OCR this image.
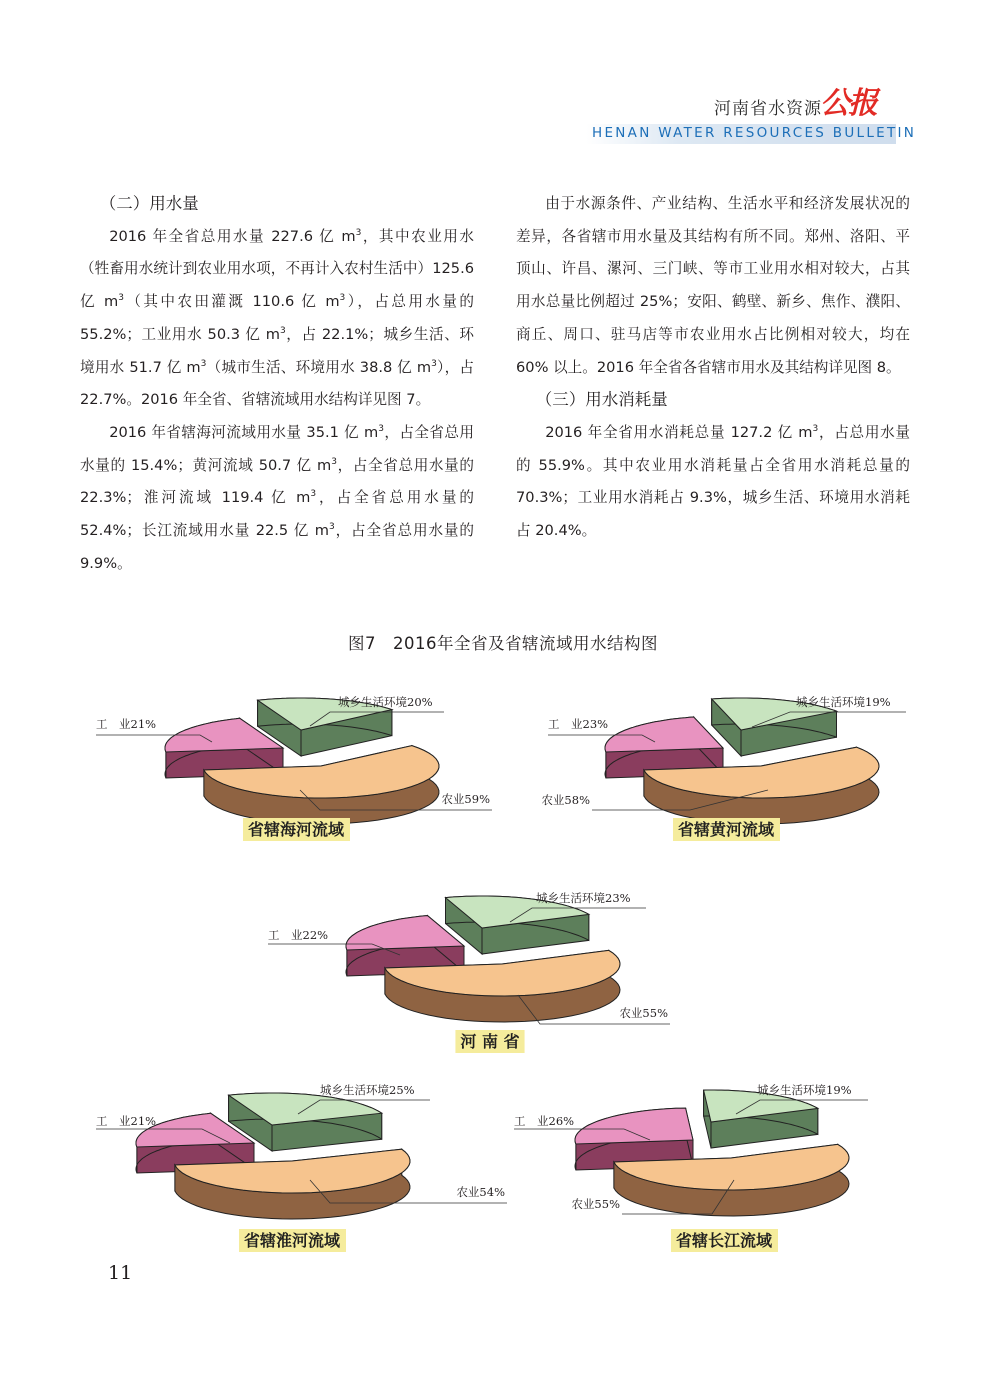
河南省水资源
公报
HENAN WATER RESOURCES BULLETIN
（二）用水量

2016 年全省总用水量 227.6 亿 $m^3$，其中农业用水（牲畜用水统计到农业用水项，不再计入农村生活中）125.6 亿 $m^3$（其中农田灌溉 110.6 亿 $m^3$），占总用水量的 55.2%；工业用水 50.3 亿 $m^3$，占 22.1%；城乡生活、环境用水 51.7 亿 $m^3$（城市生活、环境用水 38.8 亿 $m^3$），占 22.7%。2016 年全省、省辖流域用水结构详见图 7。

2016 年省辖海河流域用水量 35.1 亿 $m^3$，占全省总用水量的 15.4%；黄河流域 50.7 亿 $m^3$，占全省总用水量的 22.3%；淮河流域 119.4 亿 $m^3$，占全省总用水量的 52.4%；长江流域用水量 22.5 亿 $m^3$，占全省总用水量的 9.9%。

由于水源条件、产业结构、生活水平和经济发展状况的差异，各省辖市用水量及其结构有所不同。郑州、洛阳、平顶山、许昌、漯河、三门峡、等市工业用水相对较大，占其用水总量比例超过 25%；安阳、鹤壁、新乡、焦作、濮阳、商丘、周口、驻马店等市农业用水占比例相对较大，均在 60% 以上。2016 年全省各省辖市用水及其结构详见图 8。

（三）用水消耗量

2016 年全省用水消耗总量 127.2 亿 $m^3$，占总用水量的 55.9%。其中农业用水消耗量占全省用水消耗总量的 70.3%；工业用水消耗占 9.3%，城乡生活、环境用水消耗占 20.4%。

图7　2016年全省及省辖流域用水结构图
工　业21%
城乡生活环境20%
农业59%
省辖海河流域
工　业23%
城乡生活环境19%
农业58%
省辖黄河流域
工　业22%
城乡生活环境23%
农业55%
河 南 省
工　业21%
城乡生活环境25%
农业54%
省辖淮河流域
工　业26%
城乡生活环境19%
农业55%
省辖长江流域
11
